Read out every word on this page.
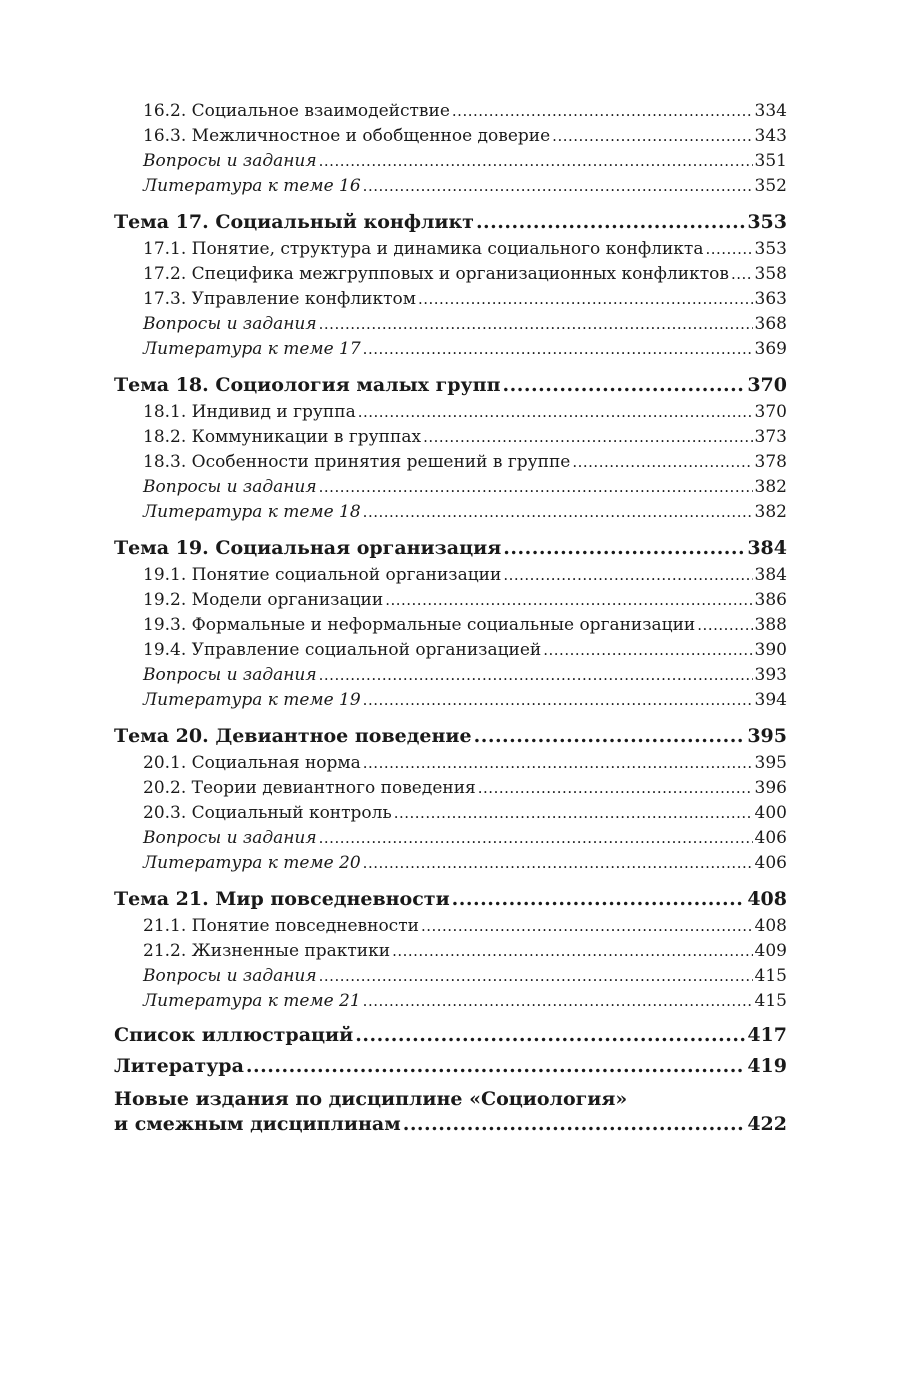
16.2. Социальное взаимодействие .....	334
16.3. Межличностное и обобщенное доверие .....	343
Вопросы и задания .....	351
Литература к теме 16 .....	352
Тема 17. Социальный конфликт .....	353
17.1. Понятие, структура и динамика социального конфликта .....	353
17.2. Специфика межгрупповых и организационных конфликтов ..... 358
17.3. Управление конфликтом .....	363
Вопросы и задания .....	368
Литература к теме 17 .....	369
Тема 18. Социология малых групп .....	370
18.1. Индивид и группа .....	370
18.2. Коммуникации в группах .....	373
18.3. Особенности принятия решений в группе .....	378
Вопросы и задания .....	382
Литература к теме 18 .....	382
Тема 19. Социальная организация .....	384
19.1. Понятие социальной организации .....	384
19.2. Модели организации .....	386
19.3. Формальные и неформальные социальные организации .....	388
19.4. Управление социальной организацией .....	390
Вопросы и задания .....	393
Литература к теме 19 .....	394
Тема 20. Девиантное поведение .....	395
20.1. Социальная норма .....	395
20.2. Теории девиантного поведения .....	396
20.3. Социальный контроль .....	400
Вопросы и задания .....	406
Литература к теме 20 .....	406
Тема 21. Мир повседневности .....	408
21.1. Понятие повседневности .....	408
21.2. Жизненные практики .....	409
Вопросы и задания .....	415
Литература к теме 21 .....	415
Список иллюстраций .....	417
Литература .....	419
Новые издания по дисциплине «Социология»
и смежным дисциплинам .....	422
